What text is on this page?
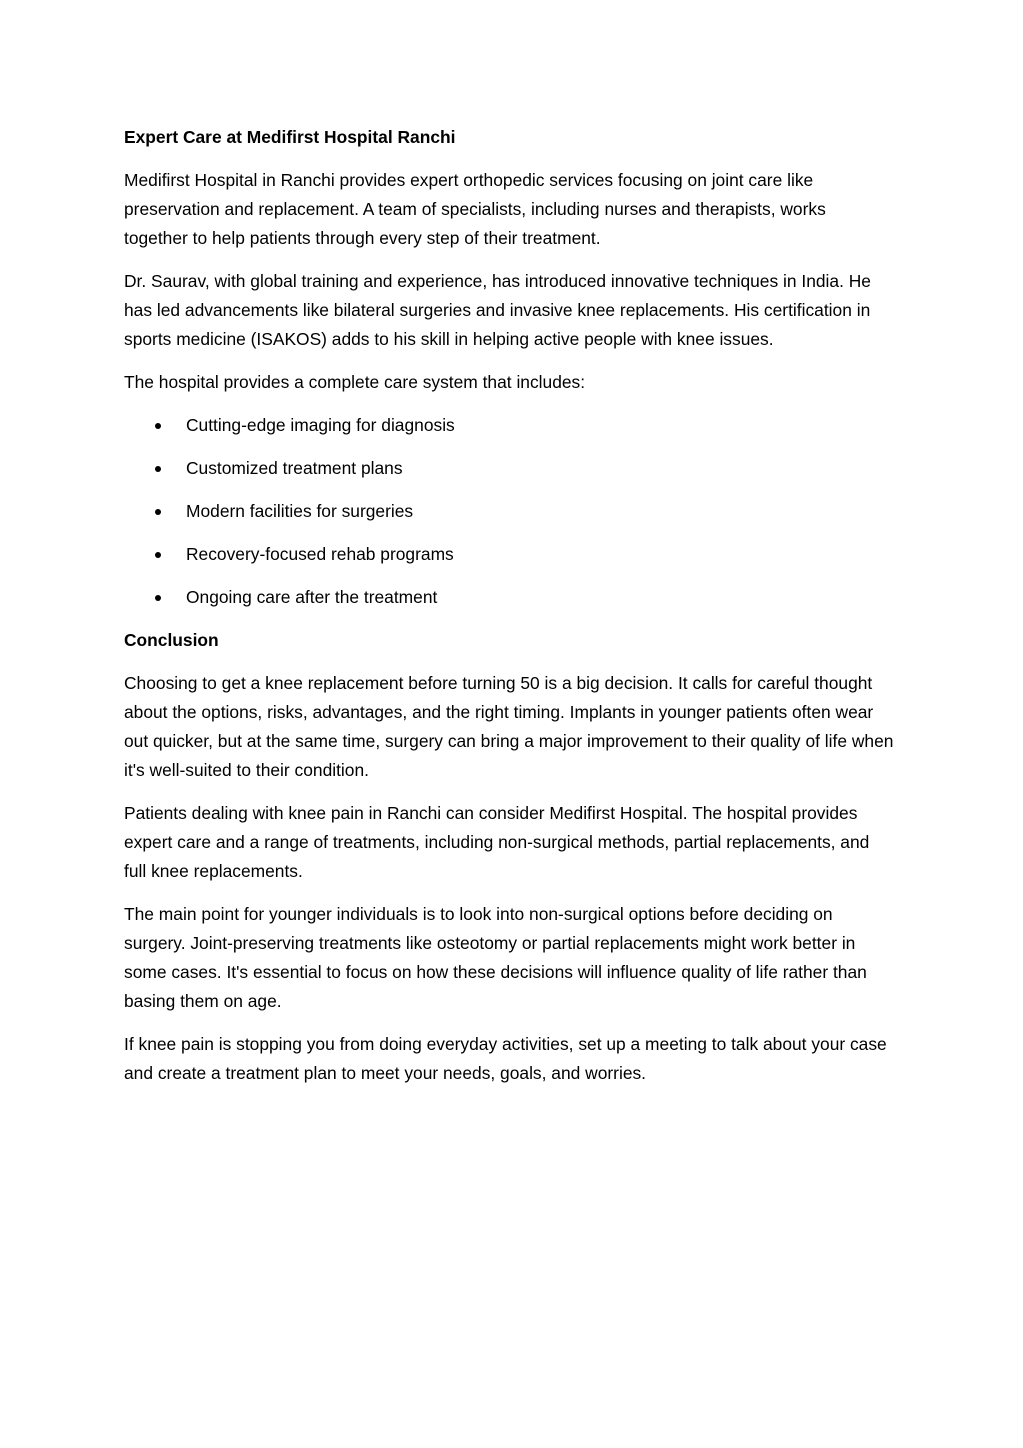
Expert Care at Medifirst Hospital Ranchi

Medifirst Hospital in Ranchi provides expert orthopedic services focusing on joint care like preservation and replacement. A team of specialists, including nurses and therapists, works together to help patients through every step of their treatment.

Dr. Saurav, with global training and experience, has introduced innovative techniques in India. He has led advancements like bilateral surgeries and invasive knee replacements. His certification in sports medicine (ISAKOS) adds to his skill in helping active people with knee issues.

The hospital provides a complete care system that includes:

Cutting-edge imaging for diagnosis
Customized treatment plans
Modern facilities for surgeries
Recovery-focused rehab programs
Ongoing care after the treatment
Conclusion

Choosing to get a knee replacement before turning 50 is a big decision. It calls for careful thought about the options, risks, advantages, and the right timing. Implants in younger patients often wear out quicker, but at the same time, surgery can bring a major improvement to their quality of life when it's well-suited to their condition.

Patients dealing with knee pain in Ranchi can consider Medifirst Hospital. The hospital provides expert care and a range of treatments, including non-surgical methods, partial replacements, and full knee replacements.

The main point for younger individuals is to look into non-surgical options before deciding on surgery. Joint-preserving treatments like osteotomy or partial replacements might work better in some cases. It's essential to focus on how these decisions will influence quality of life rather than basing them on age.

If knee pain is stopping you from doing everyday activities, set up a meeting to talk about your case and create a treatment plan to meet your needs, goals, and worries.
